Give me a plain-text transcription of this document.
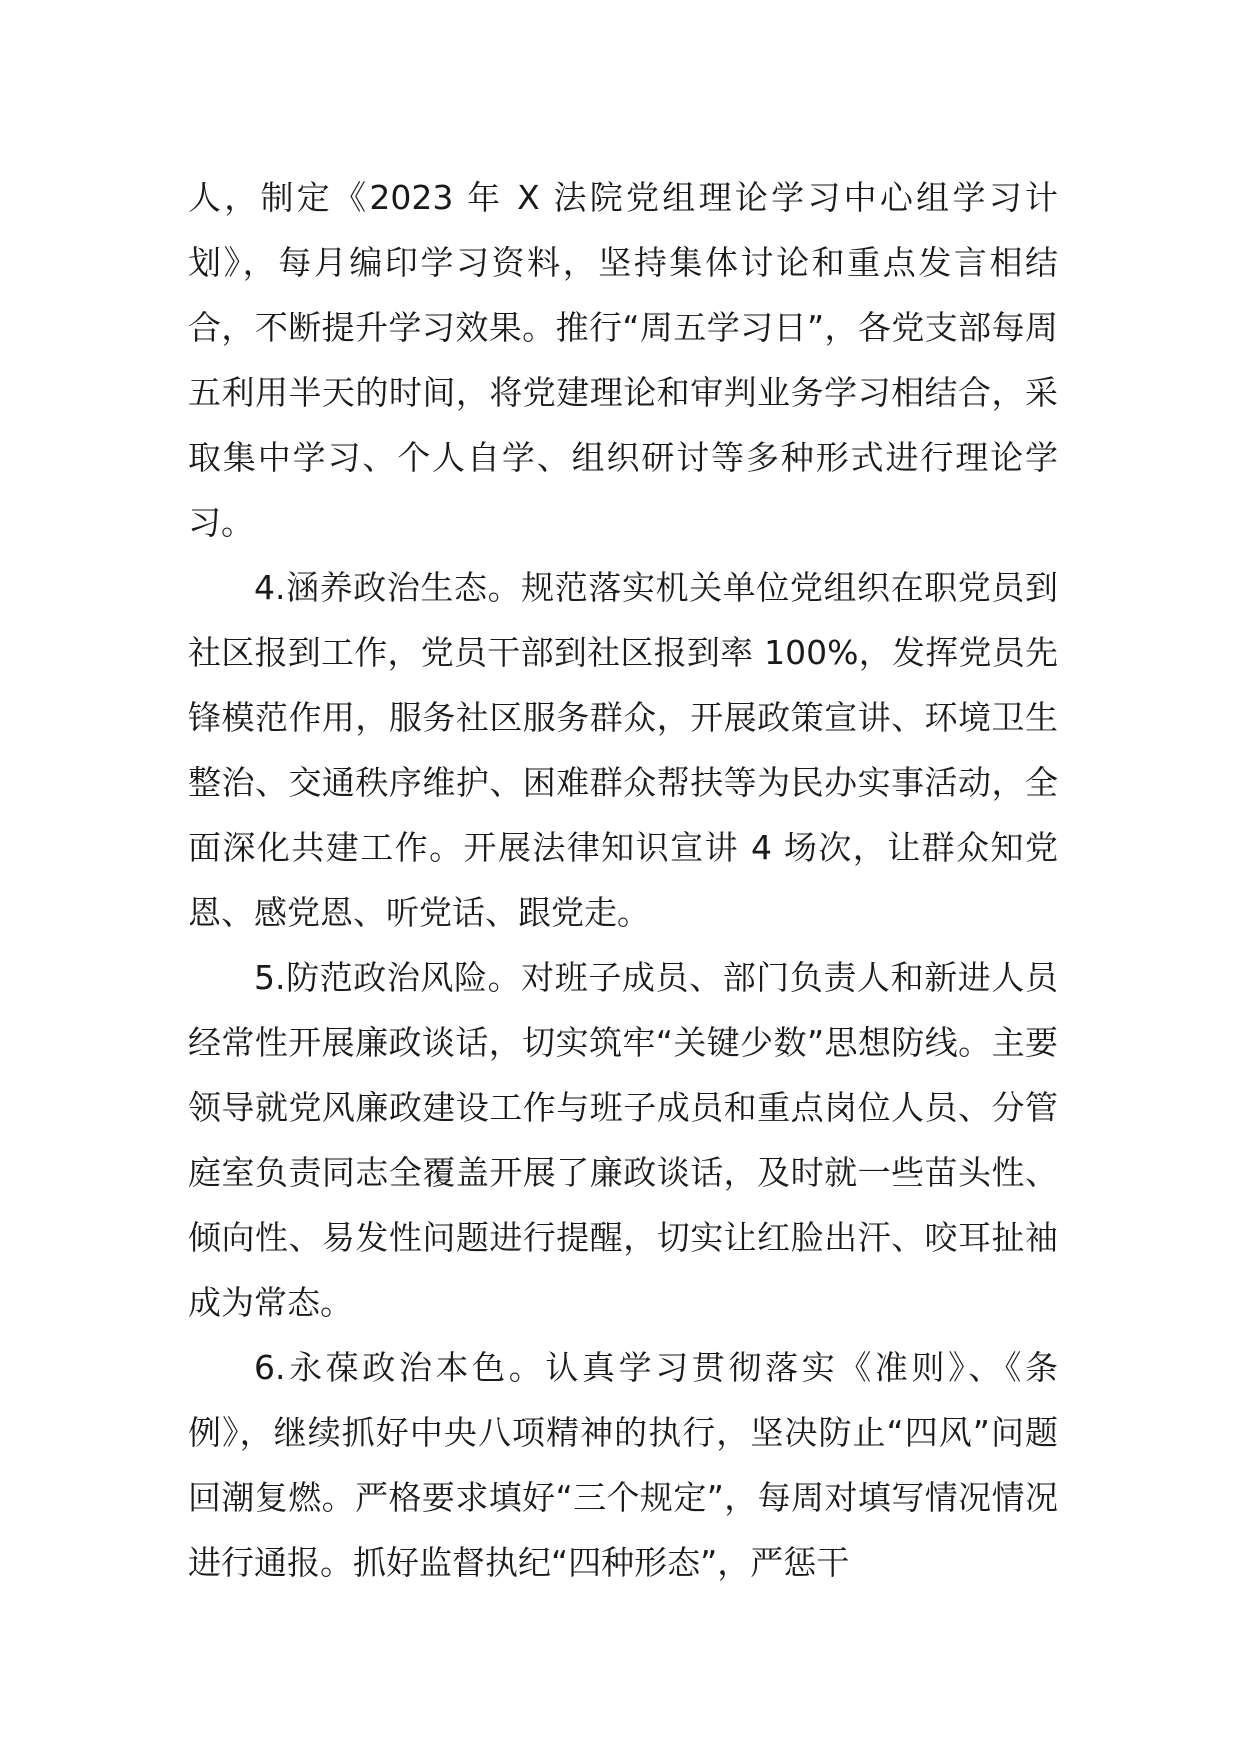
人，制定《2023 年 X 法院党组理论学习中心组学习计划》，每月编印学习资料，坚持集体讨论和重点发言相结合，不断提升学习效果。推行“周五学习日”，各党支部每周五利用半天的时间，将党建理论和审判业务学习相结合，采取集中学习、个人自学、组织研讨等多种形式进行理论学习。

4.涵养政治生态。规范落实机关单位党组织在职党员到社区报到工作，党员干部到社区报到率 100%，发挥党员先锋模范作用，服务社区服务群众，开展政策宣讲、环境卫生整治、交通秩序维护、困难群众帮扶等为民办实事活动，全面深化共建工作。开展法律知识宣讲 4 场次，让群众知党恩、感党恩、听党话、跟党走。

5.防范政治风险。对班子成员、部门负责人和新进人员经常性开展廉政谈话，切实筑牢“关键少数”思想防线。主要领导就党风廉政建设工作与班子成员和重点岗位人员、分管庭室负责同志全覆盖开展了廉政谈话，及时就一些苗头性、倾向性、易发性问题进行提醒，切实让红脸出汗、咬耳扯袖成为常态。

6.永葆政治本色。认真学习贯彻落实《准则》、《条例》，继续抓好中央八项精神的执行，坚决防止“四风”问题回潮复燃。严格要求填好“三个规定”，每周对填写情况情况进行通报。抓好监督执纪“四种形态”，严惩干
